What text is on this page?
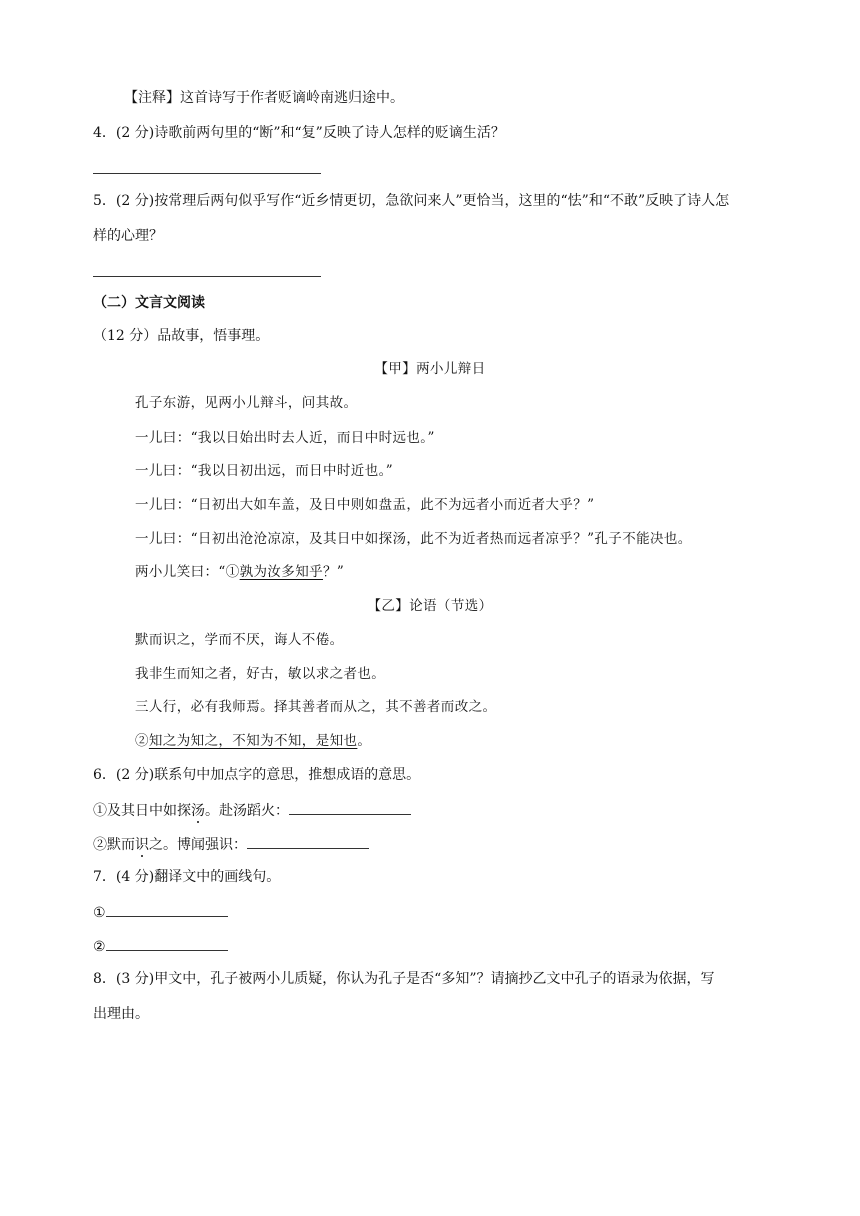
【注释】这首诗写于作者贬谪岭南逃归途中。
4．(2 分)诗歌前两句里的“断”和“复”反映了诗人怎样的贬谪生活？
5．(2 分)按常理后两句似乎写作“近乡情更切，急欲问来人”更恰当，这里的“怯”和“不敢”反映了诗人怎
样的心理？
（二）文言文阅读
（12 分）品故事，悟事理。
【甲】两小儿辩日
孔子东游，见两小儿辩斗，问其故。
一儿曰：“我以日始出时去人近，而日中时远也。”
一儿曰：“我以日初出远，而日中时近也。”
一儿曰：“日初出大如车盖，及日中则如盘盂，此不为远者小而近者大乎？”
一儿曰：“日初出沧沧凉凉，及其日中如探汤，此不为近者热而远者凉乎？”孔子不能决也。
两小儿笑曰：“①孰为汝多知乎？”
【乙】论语（节选）
默而识之，学而不厌，诲人不倦。
我非生而知之者，好古，敏以求之者也。
三人行，必有我师焉。择其善者而从之，其不善者而改之。
②知之为知之，不知为不知，是知也。
6．(2 分)联系句中加点字的意思，推想成语的意思。
①及其日中如探汤。赴汤蹈火：
②默而识之。博闻强识：
7．(4 分)翻译文中的画线句。
①
②
8．(3 分)甲文中，孔子被两小儿质疑，你认为孔子是否“多知”？请摘抄乙文中孔子的语录为依据，写
出理由。
